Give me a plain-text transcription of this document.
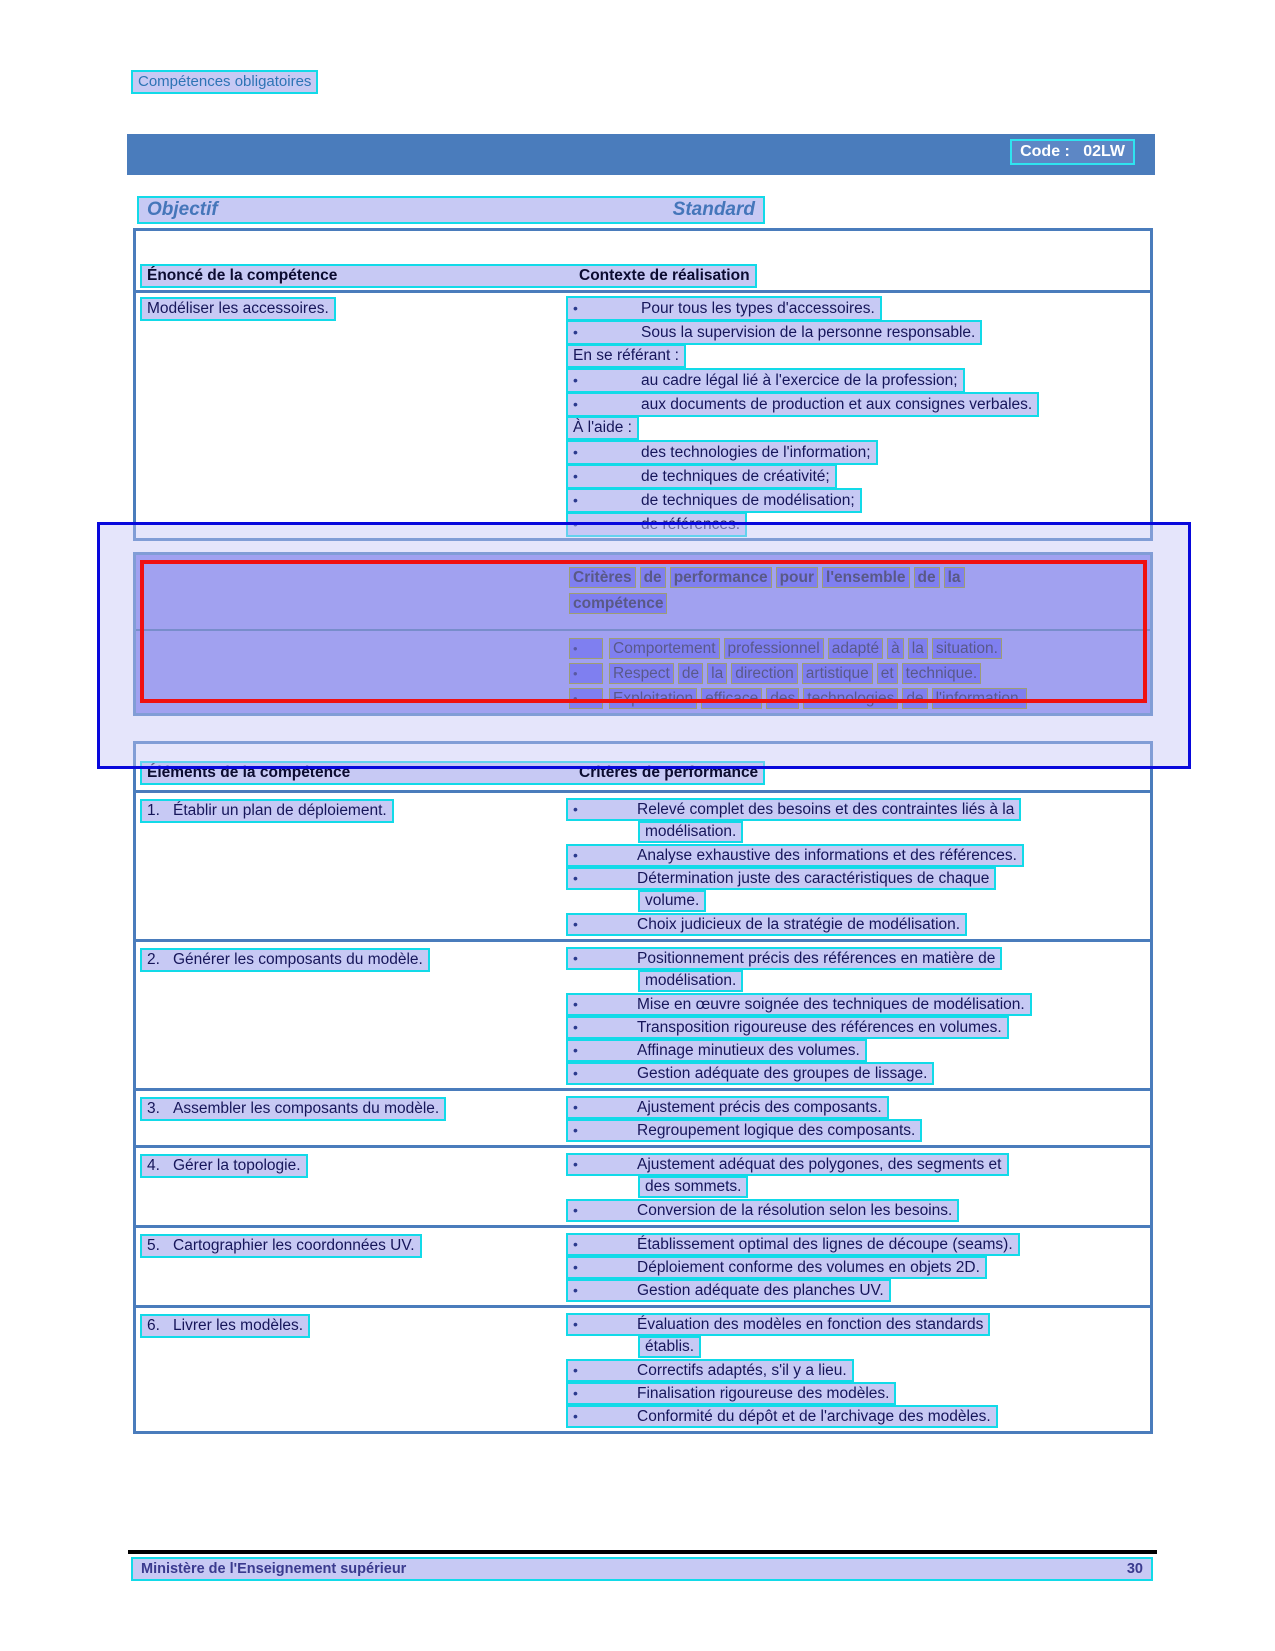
Compétences obligatoires
Code :   02LW
Objectif	Standard
Énoncé de la compétence	Contexte de réalisation
Modéliser les accessoires.	•	Pour tous les types d'accessoires.
•	Sous la supervision de la personne responsable.
En se référant :
•	au cadre légal lié à l'exercice de la profession;
•	aux documents de production et aux consignes verbales.
À l'aide :
•	des technologies de l'information;
•	de techniques de créativité;
•	de techniques de modélisation;
•	de références.
Critères de performance pour l'ensemble de la
compétence
• Comportement professionnel adapté à la situation.
• Respect de la direction artistique et technique.
• Exploitation efficace des technologies de l'information.
Éléments de la compétence	Critères de performance
1. Établir un plan de déploiement.	•	Relevé complet des besoins et des contraintes liés à la
modélisation.
•	Analyse exhaustive des informations et des références.
•	Détermination juste des caractéristiques de chaque
volume.
•	Choix judicieux de la stratégie de modélisation.
2. Générer les composants du modèle.	•	Positionnement précis des références en matière de
modélisation.
•	Mise en œuvre soignée des techniques de modélisation.
•	Transposition rigoureuse des références en volumes.
•	Affinage minutieux des volumes.
•	Gestion adéquate des groupes de lissage.
3. Assembler les composants du modèle.	•	Ajustement précis des composants.
•	Regroupement logique des composants.
4. Gérer la topologie.	•	Ajustement adéquat des polygones, des segments et
des sommets.
•	Conversion de la résolution selon les besoins.
5. Cartographier les coordonnées UV.	•	Établissement optimal des lignes de découpe (seams).
•	Déploiement conforme des volumes en objets 2D.
•	Gestion adéquate des planches UV.
6. Livrer les modèles.	•	Évaluation des modèles en fonction des standards
établis.
•	Correctifs adaptés, s'il y a lieu.
•	Finalisation rigoureuse des modèles.
•	Conformité du dépôt et de l'archivage des modèles.
Ministère de l'Enseignement supérieur	30
